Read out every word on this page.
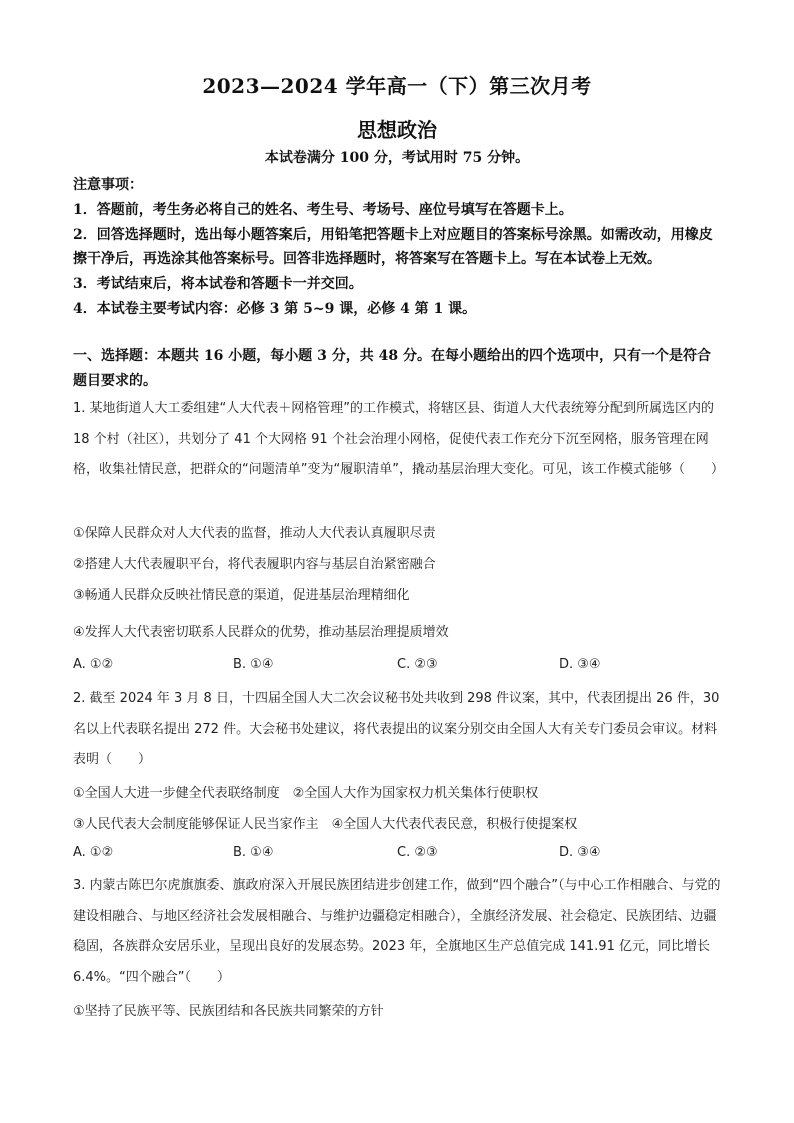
2023—2024 学年高一（下）第三次月考
思想政治
本试卷满分 100 分，考试用时 75 分钟。
注意事项：
1．答题前，考生务必将自己的姓名、考生号、考场号、座位号填写在答题卡上。
2．回答选择题时，选出每小题答案后，用铅笔把答题卡上对应题目的答案标号涂黑。如需改动，用橡皮擦干净后，再选涂其他答案标号。回答非选择题时，将答案写在答题卡上。写在本试卷上无效。
3．考试结束后，将本试卷和答题卡一并交回。
4．本试卷主要考试内容：必修 3 第 5~9 课，必修 4 第 1 课。
一、选择题：本题共 16 小题，每小题 3 分，共 48 分。在每小题给出的四个选项中，只有一个是符合题目要求的。
1. 某地街道人大工委组建“人大代表＋网格管理”的工作模式，将辖区县、街道人大代表统筹分配到所属选区内的 18 个村（社区），共划分了 41 个大网格 91 个社会治理小网格，促使代表工作充分下沉至网格，服务管理在网格，收集社情民意，把群众的“问题清单”变为“履职清单”，撬动基层治理大变化。可见，该工作模式能够（　　）
①保障人民群众对人大代表的监督，推动人大代表认真履职尽责
②搭建人大代表履职平台，将代表履职内容与基层自治紧密融合
③畅通人民群众反映社情民意的渠道，促进基层治理精细化
④发挥人大代表密切联系人民群众的优势，推动基层治理提质增效
A. ①②	B. ①④	C. ②③	D. ③④
2. 截至 2024 年 3 月 8 日，十四届全国人大二次会议秘书处共收到 298 件议案，其中，代表团提出 26 件，30 名以上代表联名提出 272 件。大会秘书处建议，将代表提出的议案分别交由全国人大有关专门委员会审议。材料表明（　　）
①全国人大进一步健全代表联络制度　②全国人大作为国家权力机关集体行使职权
③人民代表大会制度能够保证人民当家作主　④全国人大代表代表民意，积极行使提案权
A. ①②	B. ①④	C. ②③	D. ③④
3. 内蒙古陈巴尔虎旗旗委、旗政府深入开展民族团结进步创建工作，做到“四个融合”（与中心工作相融合、与党的建设相融合、与地区经济社会发展相融合、与维护边疆稳定相融合），全旗经济发展、社会稳定、民族团结、边疆稳固，各族群众安居乐业，呈现出良好的发展态势。2023 年，全旗地区生产总值完成 141.91 亿元，同比增长 6.4%。“四个融合”（　　）
①坚持了民族平等、民族团结和各民族共同繁荣的方针
